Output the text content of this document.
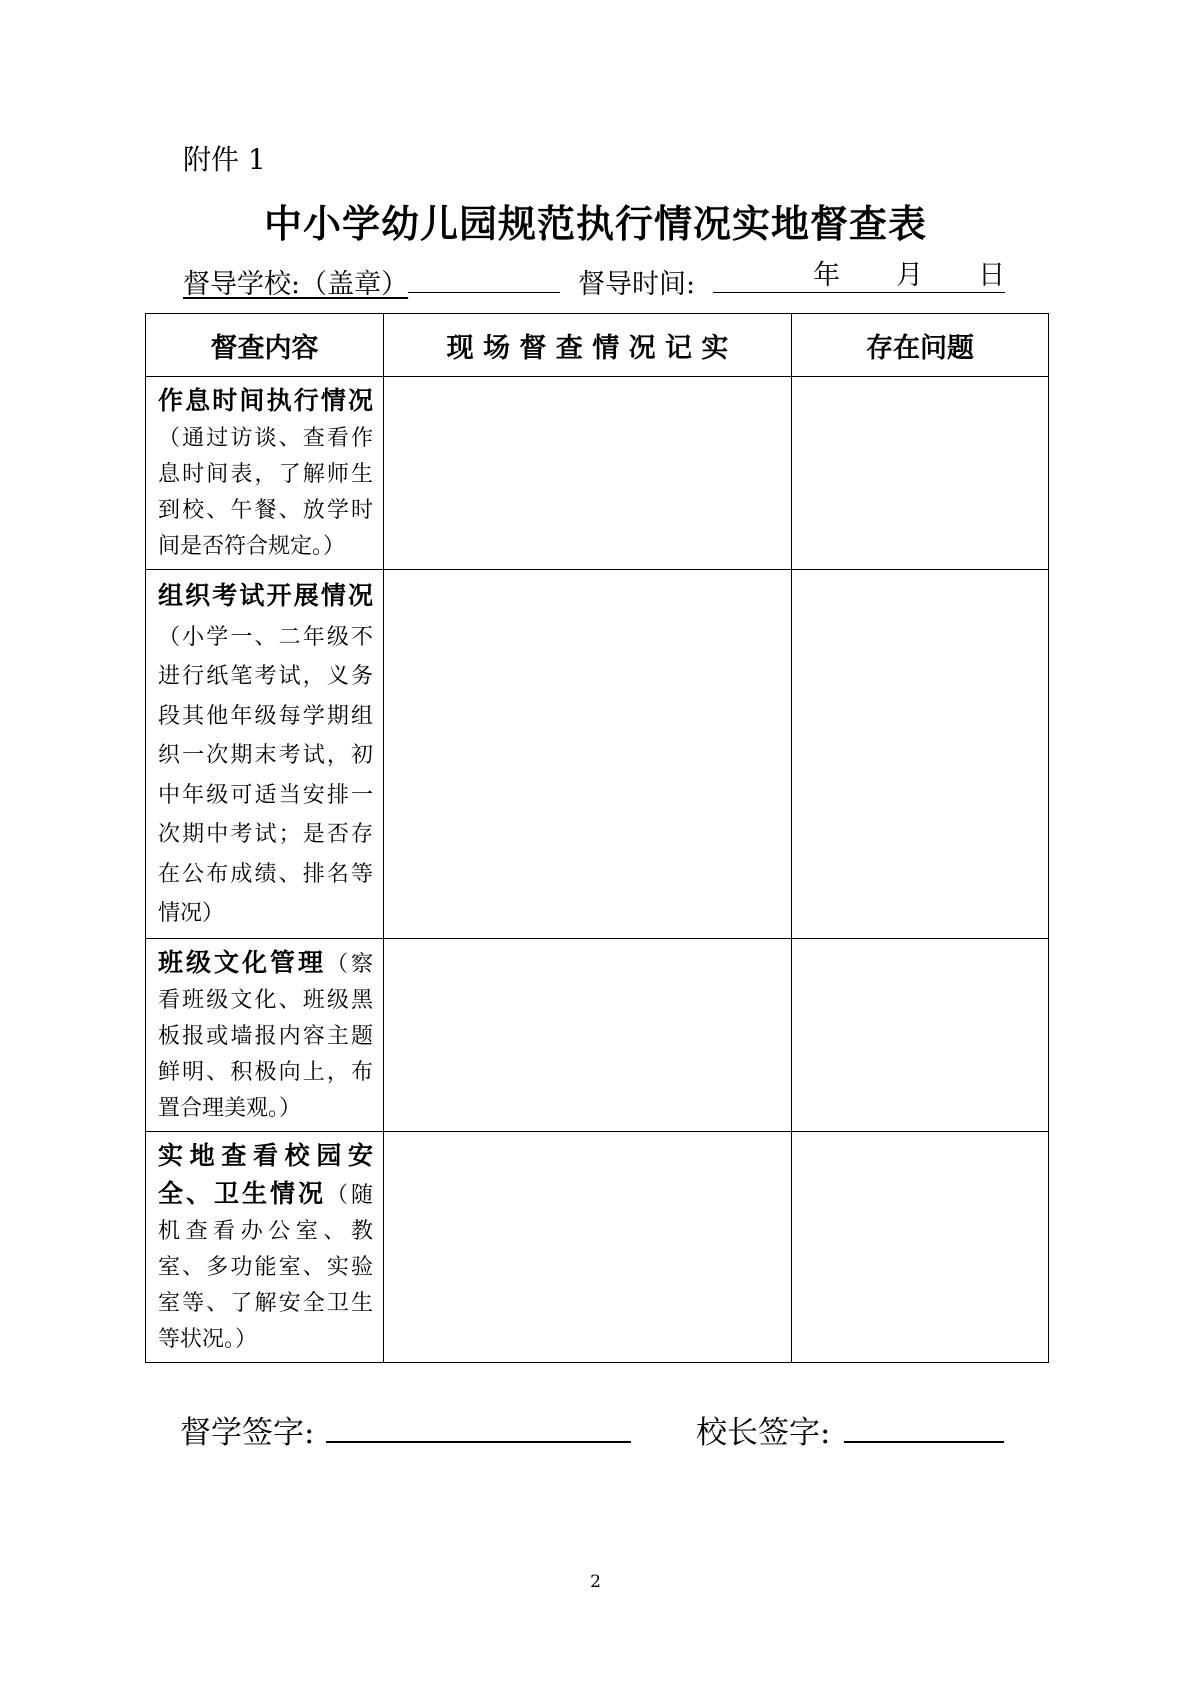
附件 1
中小学幼儿园规范执行情况实地督查表
督导学校:（盖章）	督导时间:	年 月 日
督查内容	现 场 督 查 情 况 记 实	存在问题

作息时间执行情况（通过访谈、查看作息时间表，了解师生到校、午餐、放学时间是否符合规定。）		

组织考试开展情况（小学一、二年级不进行纸笔考试，义务段其他年级每学期组织一次期末考试，初中年级可适当安排一次期中考试；是否存在公布成绩、排名等情况）		

班级文化管理（察看班级文化、班级黑板报或墙报内容主题鲜明、积极向上，布置合理美观。）		

实地查看校园安全、卫生情况（随机查看办公室、教室、多功能室、实验室等、了解安全卫生等状况。）		

督学签字:	校长签字:
2
